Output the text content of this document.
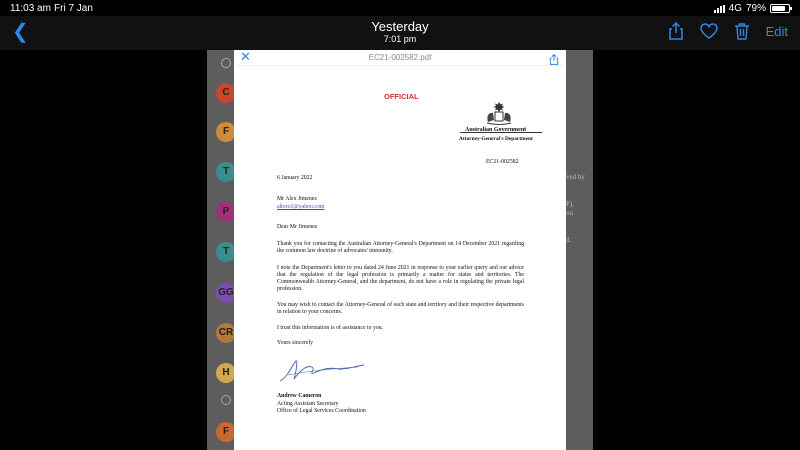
11:03 am Fri 7 Jan	4G 79%
❮	Yesterday
7:01 pm
Edit
C
F
T
P
T
GG
CR
H
F
ved by
F),
ou
d.
✕	EC21-002582.pdf
OFFICIAL
Australian Government
Attorney-General's Department
EC21-002582
6 January 2022
Mr Alex Jimenez
altoro1@yahoo.com
Dear Mr Jimenez
Thank you for contacting the Australian Attorney-General's Department on 14 December 2021 regarding the common law doctrine of advocates' immunity.
I note the Department's letter to you dated 24 June 2021 in response to your earlier query and our advice that the regulation of the legal profession is primarily a matter for states and territories. The Commonwealth Attorney-General, and the department, do not have a role in regulating the private legal profession.
You may wish to contact the Attorney-General of each state and territory and their respective departments in relation to your concerns.
I trust this information is of assistance to you.
Yours sincerely
Andrew Cameron
Acting Assistant Secretary
Office of Legal Services Coordination
